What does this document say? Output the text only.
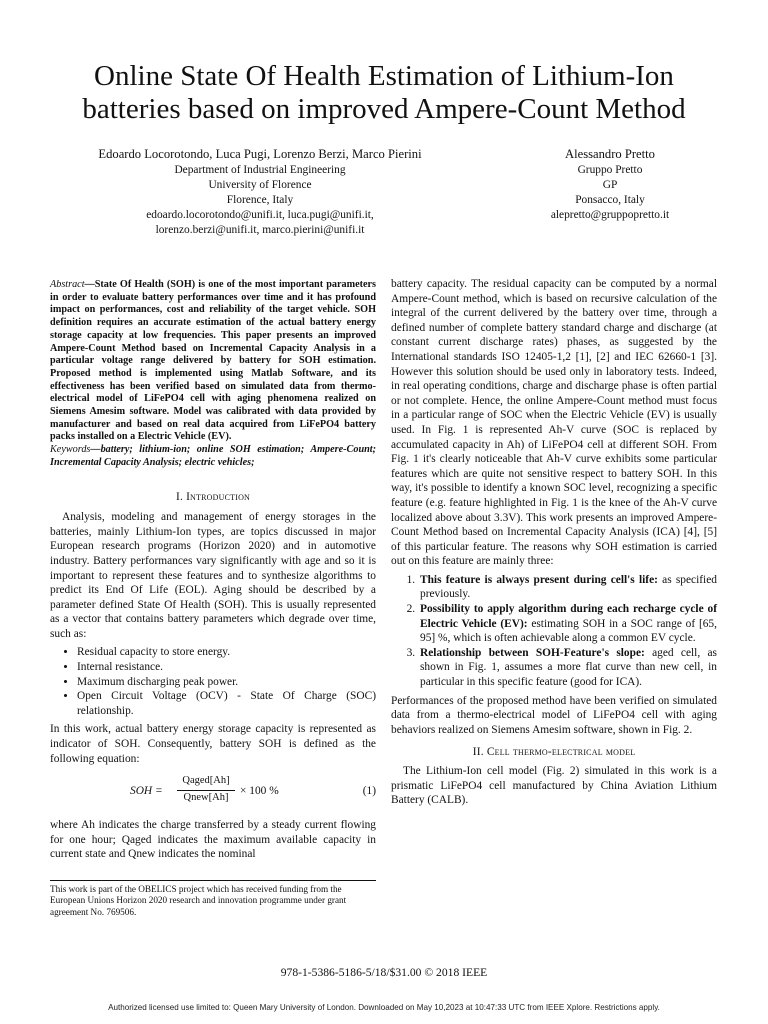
Online State Of Health Estimation of Lithium-Ion
batteries based on improved Ampere-Count Method
Edoardo Locorotondo, Luca Pugi, Lorenzo Berzi, Marco Pierini
Department of Industrial Engineering
University of Florence
Florence, Italy
edoardo.locorotondo@unifi.it, luca.pugi@unifi.it,
lorenzo.berzi@unifi.it, marco.pierini@unifi.it
Alessandro Pretto
Gruppo Pretto
GP
Ponsacco, Italy
alepretto@gruppopretto.it

Abstract—State Of Health (SOH) is one of the most important parameters in order to evaluate battery performances over time and it has profound impact on performances, cost and reliability of the target vehicle. SOH definition requires an accurate estimation of the actual battery energy storage capacity at low frequencies. This paper presents an improved Ampere-Count Method based on Incremental Capacity Analysis in a particular voltage range delivered by battery for SOH estimation. Proposed method is implemented using Matlab Software, and its effectiveness has been verified based on simulated data from thermo-electrical model of LiFePO4 cell with aging phenomena realized on Siemens Amesim software. Model was calibrated with data provided by manufacturer and based on real data acquired from LiFePO4 battery packs installed on a Electric Vehicle (EV).

Keywords—battery; lithium-ion; online SOH estimation; Ampere-Count; Incremental Capacity Analysis; electric vehicles;

I. Introduction

Analysis, modeling and management of energy storages in the batteries, mainly Lithium-Ion types, are topics discussed in major European research programs (Horizon 2020) and in automotive industry. Battery performances vary significantly with age and so it is important to represent these features and to synthesize algorithms to predict its End Of Life (EOL). Aging should be described by a parameter defined State Of Health (SOH). This is usually represented as a vector that contains battery parameters which degrade over time, such as:

• Residual capacity to store energy.
• Internal resistance.
• Maximum discharging peak power.
• Open Circuit Voltage (OCV) - State Of Charge (SOC) relationship.

In this work, actual battery energy storage capacity is represented as indicator of SOH. Consequently, battery SOH is defined as the following equation:

SOH =
Qaged[Ah]
Qnew[Ah]
× 100 %	(1)

where Ah indicates the charge transferred by a steady current flowing for one hour; Qaged indicates the maximum available capacity in current state and Qnew indicates the nominal

This work is part of the OBELICS project which has received funding from the European Unions Horizon 2020 research and innovation programme under grant agreement No. 769506.

battery capacity. The residual capacity can be computed by a normal Ampere-Count method, which is based on recursive calculation of the integral of the current delivered by the battery over time, through a defined number of complete battery standard charge and discharge (at constant current discharge rates) phases, as suggested by the International standards ISO 12405-1,2 [1], [2] and IEC 62660-1 [3]. However this solution should be used only in laboratory tests. Indeed, in real operating conditions, charge and discharge phase is often partial or not complete. Hence, the online Ampere-Count method must focus in a particular range of SOC when the Electric Vehicle (EV) is usually used. In Fig. 1 is represented Ah-V curve (SOC is replaced by accumulated capacity in Ah) of LiFePO4 cell at different SOH. From Fig. 1 it's clearly noticeable that Ah-V curve exhibits some particular features which are quite not sensitive respect to battery SOH. In this way, it's possible to identify a known SOC level, recognizing a specific feature (e.g. feature highlighted in Fig. 1 is the knee of the Ah-V curve localized above about 3.3V). This work presents an improved Ampere-Count Method based on Incremental Capacity Analysis (ICA) [4], [5] of this particular feature. The reasons why SOH estimation is carried out on this feature are mainly three:

1. This feature is always present during cell's life: as specified previously.
2. Possibility to apply algorithm during each recharge cycle of Electric Vehicle (EV): estimating SOH in a SOC range of [65, 95] %, which is often achievable along a common EV cycle.
3. Relationship between SOH-Feature's slope: aged cell, as shown in Fig. 1, assumes a more flat curve than new cell, in particular in this specific feature (good for ICA).

Performances of the proposed method have been verified on simulated data from a thermo-electrical model of LiFePO4 cell with aging behaviors realized on Siemens Amesim software, shown in Fig. 2.

II. Cell thermo-electrical model

The Lithium-Ion cell model (Fig. 2) simulated in this work is a prismatic LiFePO4 cell manufactured by China Aviation Lithium Battery (CALB).

978-1-5386-5186-5/18/$31.00 © 2018 IEEE
Authorized licensed use limited to: Queen Mary University of London. Downloaded on May 10,2023 at 10:47:33 UTC from IEEE Xplore. Restrictions apply.
